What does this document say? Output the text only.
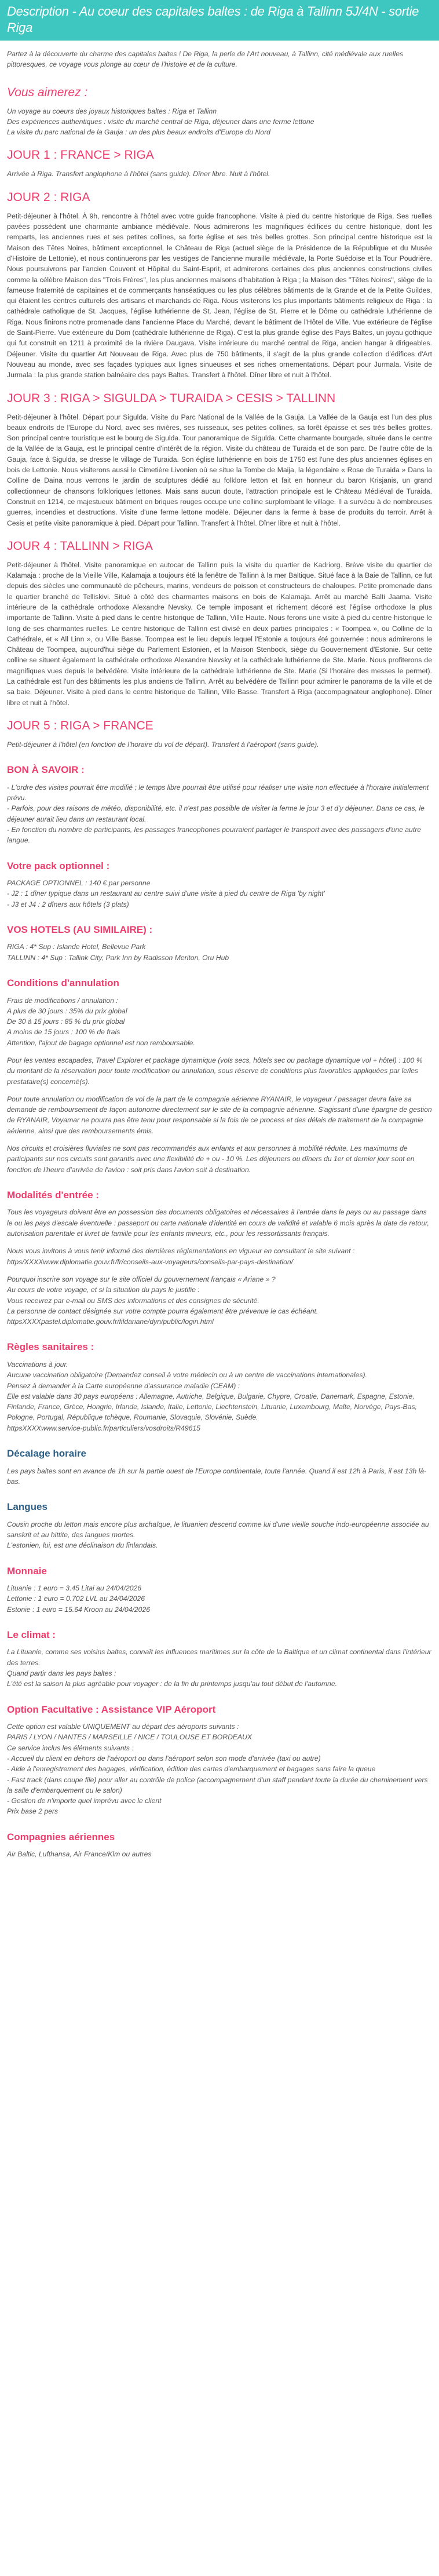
Description - Au coeur des capitales baltes : de Riga à Tallinn 5J/4N - sortie Riga

Partez à la découverte du charme des capitales baltes ! De Riga, la perle de l'Art nouveau, à Tallinn, cité médiévale aux ruelles pittoresques, ce voyage vous plonge au cœur de l'histoire et de la culture.

Vous aimerez :
Un voyage au coeurs des joyaux historiques baltes : Riga et Tallinn
Des expériences authentiques : visite du marché central de Riga, déjeuner dans une ferme lettone
La visite du parc national de la Gauja : un des plus beaux endroits d'Europe du Nord
JOUR 1 : FRANCE > RIGA

Arrivée à Riga. Transfert anglophone à l'hôtel (sans guide). Dîner libre. Nuit à l'hôtel.

JOUR 2 : RIGA

Petit-déjeuner à l'hôtel. À 9h, rencontre à l'hôtel avec votre guide francophone. Visite à pied du centre historique de Riga. Ses ruelles pavées possèdent une charmante ambiance médiévale. Nous admirerons les magnifiques édifices du centre historique, dont les remparts, les anciennes rues et ses petites collines, sa forte église et ses très belles grottes. Son principal centre historique est la Maison des Têtes Noires, bâtiment exceptionnel, le Château de Riga (actuel siège de la Présidence de la République et du Musée d'Histoire de Lettonie), et nous continuerons par les vestiges de l'ancienne muraille médiévale, la Porte Suédoise et la Tour Poudrière. Nous poursuivrons par l'ancien Couvent et Hôpital du Saint-Esprit, et admirerons certaines des plus anciennes constructions civiles comme la célèbre Maison des "Trois Frères", les plus anciennes maisons d'habitation à Riga ; la Maison des "Têtes Noires", siège de la fameuse fraternité de capitaines et de commerçants hanséatiques ou les plus célèbres bâtiments de la Grande et de la Petite Guildes, qui étaient les centres culturels des artisans et marchands de Riga. Nous visiterons les plus importants bâtiments religieux de Riga : la cathédrale catholique de St. Jacques, l'église luthérienne de St. Jean, l'église de St. Pierre et le Dôme ou cathédrale luthérienne de Riga. Nous finirons notre promenade dans l'ancienne Place du Marché, devant le bâtiment de l'Hôtel de Ville. Vue extérieure de l'église de Saint-Pierre. Vue extérieure du Dom (cathédrale luthérienne de Riga). C'est la plus grande église des Pays Baltes, un joyau gothique qui fut construit en 1211 à proximité de la rivière Daugava. Visite intérieure du marché central de Riga, ancien hangar à dirigeables. Déjeuner. Visite du quartier Art Nouveau de Riga. Avec plus de 750 bâtiments, il s'agit de la plus grande collection d'édifices d'Art Nouveau au monde, avec ses façades typiques aux lignes sinueuses et ses riches ornementations. Départ pour Jurmala. Visite de Jurmala : la plus grande station balnéaire des pays Baltes. Transfert à l'hôtel. Dîner libre et nuit à l'hôtel.

JOUR 3 : RIGA > SIGULDA > TURAIDA > CESIS > TALLINN

Petit-déjeuner à l'hôtel. Départ pour Sigulda. Visite du Parc National de la Vallée de la Gauja. La Vallée de la Gauja est l'un des plus beaux endroits de l'Europe du Nord, avec ses rivières, ses ruisseaux, ses petites collines, sa forêt épaisse et ses très belles grottes. Son principal centre touristique est le bourg de Sigulda. Tour panoramique de Sigulda. Cette charmante bourgade, située dans le centre de la Vallée de la Gauja, est le principal centre d'intérêt de la région. Visite du château de Turaida et de son parc. De l'autre côte de la Gauja, face à Sigulda, se dresse le village de Turaida. Son église luthérienne en bois de 1750 est l'une des plus anciennes églises en bois de Lettonie. Nous visiterons aussi le Cimetière Livonien où se situe la Tombe de Maija, la légendaire « Rose de Turaida » Dans la Colline de Daina nous verrons le jardin de sculptures dédié au folklore letton et fait en honneur du baron Krisjanis, un grand collectionneur de chansons folkloriques lettones. Mais sans aucun doute, l'attraction principale est le Château Médiéval de Turaida. Construit en 1214, ce majestueux bâtiment en briques rouges occupe une colline surplombant le village. Il a survécu à de nombreuses guerres, incendies et destructions. Visite d'une ferme lettone modèle. Déjeuner dans la ferme à base de produits du terroir. Arrêt à Cesis et petite visite panoramique à pied. Départ pour Tallinn. Transfert à l'hôtel. Dîner libre et nuit à l'hôtel.

JOUR 4 : TALLINN > RIGA

Petit-déjeuner à l'hôtel. Visite panoramique en autocar de Tallinn puis la visite du quartier de Kadriorg. Brève visite du quartier de Kalamaja : proche de la Vieille Ville, Kalamaja a toujours été la fenêtre de Tallinn à la mer Baltique. Situé face à la Baie de Tallinn, ce fut depuis des siècles une communauté de pêcheurs, marins, vendeurs de poisson et constructeurs de chaloupes. Petite promenade dans le quartier branché de Telliskivi. Situé à côté des charmantes maisons en bois de Kalamaja. Arrêt au marché Balti Jaama. Visite intérieure de la cathédrale orthodoxe Alexandre Nevsky. Ce temple imposant et richement décoré est l'église orthodoxe la plus importante de Tallinn. Visite à pied dans le centre historique de Tallinn, Ville Haute. Nous ferons une visite à pied du centre historique le long de ses charmantes ruelles. Le centre historique de Tallinn est divisé en deux parties principales : « Toompea », ou Colline de la Cathédrale, et « All Linn », ou Ville Basse. Toompea est le lieu depuis lequel l'Estonie a toujours été gouvernée : nous admirerons le Château de Toompea, aujourd'hui siège du Parlement Estonien, et la Maison Stenbock, siège du Gouvernement d'Estonie. Sur cette colline se situent également la cathédrale orthodoxe Alexandre Nevsky et la cathédrale luthérienne de Ste. Marie. Nous profiterons de magnifiques vues depuis le belvédère. Visite intérieure de la cathédrale luthérienne de Ste. Marie (Si l'horaire des messes le permet). La cathédrale est l'un des bâtiments les plus anciens de Tallinn. Arrêt au belvédère de Tallinn pour admirer le panorama de la ville et de sa baie. Déjeuner. Visite à pied dans le centre historique de Tallinn, Ville Basse. Transfert à Riga (accompagnateur anglophone). Dîner libre et nuit à l'hôtel.

JOUR 5 : RIGA > FRANCE

Petit-déjeuner à l'hôtel (en fonction de l'horaire du vol de départ). Transfert à l'aéroport (sans guide).

BON À SAVOIR :
- L'ordre des visites pourrait être modifié ; le temps libre pourrait être utilisé pour réaliser une visite non effectuée à l'horaire initialement prévu.
- Parfois, pour des raisons de météo, disponibilité, etc. il n'est pas possible de visiter la ferme le jour 3 et d'y déjeuner. Dans ce cas, le déjeuner aurait lieu dans un restaurant local.
- En fonction du nombre de participants, les passages francophones pourraient partager le transport avec des passagers d'une autre langue.
Votre pack optionnel :
PACKAGE OPTIONNEL : 140 € par personne
- J2 : 1 dîner typique dans un restaurant au centre suivi d'une visite à pied du centre de Riga 'by night'
- J3 et J4 : 2 dîners aux hôtels (3 plats)
VOS HOTELS (AU SIMILAIRE) :
RIGA : 4* Sup : Islande Hotel, Bellevue Park
TALLINN : 4* Sup : Tallink City, Park Inn by Radisson Meriton, Oru Hub
Conditions d'annulation

Frais de modifications / annulation :
A plus de 30 jours : 35% du prix global
De 30 à 15 jours : 85 % du prix global
A moins de 15 jours : 100 % de frais
Attention, l'ajout de bagage optionnel est non remboursable.

Pour les ventes escapades, Travel Explorer et package dynamique (vols secs, hôtels sec ou package dynamique vol + hôtel) : 100 % du montant de la réservation pour toute modification ou annulation, sous réserve de conditions plus favorables appliquées par le/les prestataire(s) concerné(s).

Pour toute annulation ou modification de vol de la part de la compagnie aérienne RYANAIR, le voyageur / passager devra faire sa demande de remboursement de façon autonome directement sur le site de la compagnie aérienne. S'agissant d'une épargne de gestion de RYANAIR, Voyamar ne pourra pas être tenu pour responsable si la fois de ce process et des délais de traitement de la compagnie aérienne, ainsi que des remboursements émis.

Nos circuits et croisières fluviales ne sont pas recommandés aux enfants et aux personnes à mobilité réduite. Les maximums de participants sur nos circuits sont garantis avec une flexibilité de + ou - 10 %. Les déjeuners ou dîners du 1er et dernier jour sont en fonction de l'heure d'arrivée de l'avion : soit pris dans l'avion soit à destination.

Modalités d'entrée :

Tous les voyageurs doivent être en possession des documents obligatoires et nécessaires à l'entrée dans le pays ou au passage dans le ou les pays d'escale éventuelle : passeport ou carte nationale d'identité en cours de validité et valable 6 mois après la date de retour, autorisation parentale et livret de famille pour les enfants mineurs, etc., pour les ressortissants français.

Nous vous invitons à vous tenir informé des dernières réglementations en vigueur en consultant le site suivant : https/XXXXwww.diplomatie.gouv.fr/fr/conseils-aux-voyageurs/conseils-par-pays-destination/

Pourquoi inscrire son voyage sur le site officiel du gouvernement français « Ariane » ?
Au cours de votre voyage, et si la situation du pays le justifie :
Vous recevrez par e-mail ou SMS des informations et des consignes de sécurité.
La personne de contact désignée sur votre compte pourra également être prévenue le cas échéant.
httpsXXXXpastel.diplomatie.gouv.fr/fildariane/dyn/public/login.html

Règles sanitaires :

Vaccinations à jour.
Aucune vaccination obligatoire (Demandez conseil à votre médecin ou à un centre de vaccinations internationales).
Pensez à demander à la Carte européenne d'assurance maladie (CEAM) :
Elle est valable dans 30 pays européens : Allemagne, Autriche, Belgique, Bulgarie, Chypre, Croatie, Danemark, Espagne, Estonie, Finlande, France, Grèce, Hongrie, Irlande, Islande, Italie, Lettonie, Liechtenstein, Lituanie, Luxembourg, Malte, Norvège, Pays-Bas, Pologne, Portugal, République tchèque, Roumanie, Slovaquie, Slovénie, Suède.
httpsXXXXwww.service-public.fr/particuliers/vosdroits/R49615

Décalage horaire

Les pays baltes sont en avance de 1h sur la partie ouest de l'Europe continentale, toute l'année. Quand il est 12h à Paris, il est 13h là-bas.

Langues

Cousin proche du letton mais encore plus archaïque, le lituanien descend comme lui d'une vieille souche indo-européenne associée au sanskrit et au hittite, des langues mortes.
L'estonien, lui, est une déclinaison du finlandais.

Monnaie

Lituanie : 1 euro = 3.45 Litai au 24/04/2026
Lettonie : 1 euro = 0.702 LVL au 24/04/2026
Estonie : 1 euro = 15.64 Kroon au 24/04/2026

Le climat :

La Lituanie, comme ses voisins baltes, connaît les influences maritimes sur la côte de la Baltique et un climat continental dans l'intérieur des terres.
Quand partir dans les pays baltes :
L'été est la saison la plus agréable pour voyager : de la fin du printemps jusqu'au tout début de l'automne.

Option Facultative : Assistance VIP Aéroport

Cette option est valable UNIQUEMENT au départ des aéroports suivants :
PARIS / LYON / NANTES / MARSEILLE / NICE / TOULOUSE ET BORDEAUX
Ce service inclus les éléments suivants :
- Accueil du client en dehors de l'aéroport ou dans l'aéroport selon son mode d'arrivée (taxi ou autre)
- Aide à l'enregistrement des bagages, vérification, édition des cartes d'embarquement et bagages sans faire la queue
- Fast track (dans coupe file) pour aller au contrôle de police (accompagnement d'un staff pendant toute la durée du cheminement vers la salle d'embarquement ou le salon)
- Gestion de n'importe quel imprévu avec le client
Prix base 2 pers

Compagnies aériennes

Air Baltic, Lufthansa, Air France/Klm ou autres
